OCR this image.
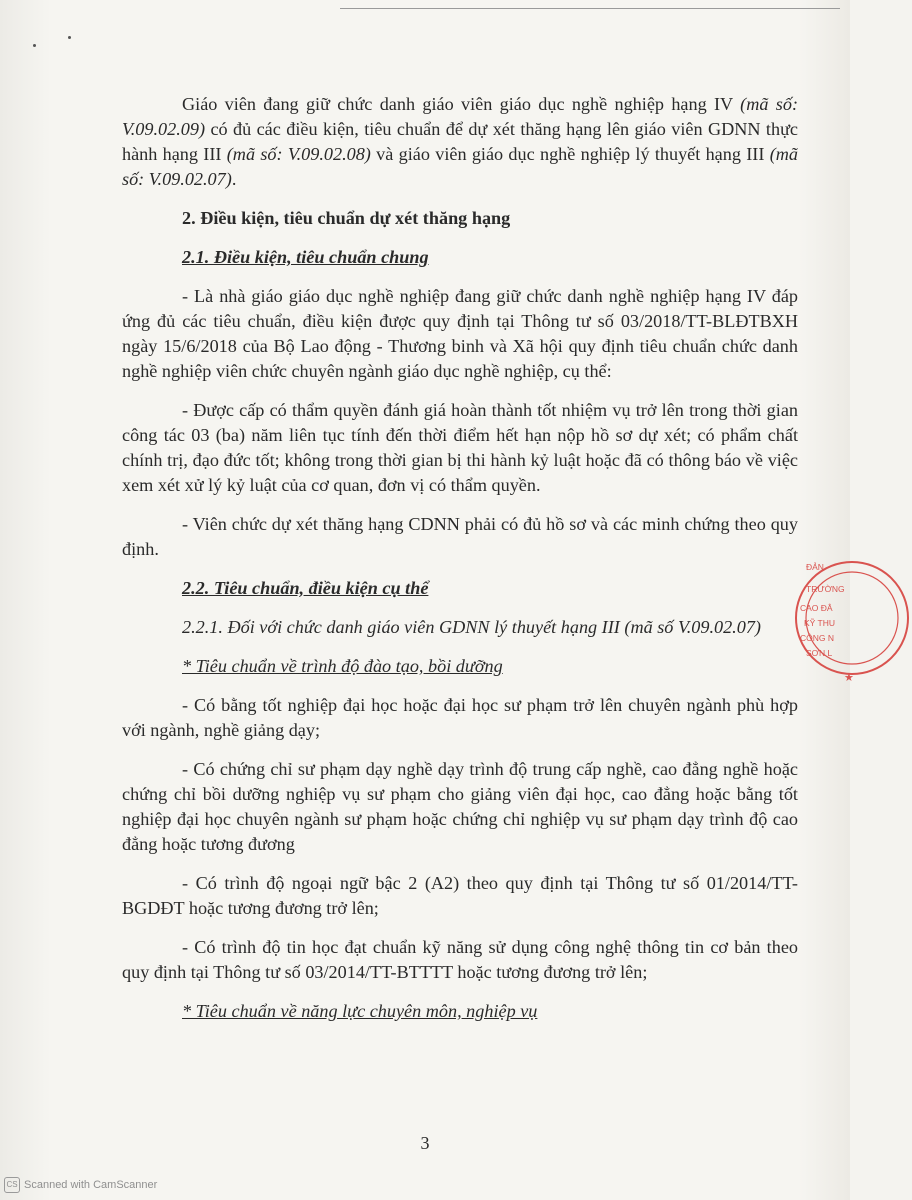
Giáo viên đang giữ chức danh giáo viên giáo dục nghề nghiệp hạng IV (mã số: V.09.02.09) có đủ các điều kiện, tiêu chuẩn để dự xét thăng hạng lên giáo viên GDNN thực hành hạng III (mã số: V.09.02.08) và giáo viên giáo dục nghề nghiệp lý thuyết hạng III (mã số: V.09.02.07).

2. Điều kiện, tiêu chuẩn dự xét thăng hạng

2.1. Điều kiện, tiêu chuẩn chung

- Là nhà giáo giáo dục nghề nghiệp đang giữ chức danh nghề nghiệp hạng IV đáp ứng đủ các tiêu chuẩn, điều kiện được quy định tại Thông tư số 03/2018/TT-BLĐTBXH ngày 15/6/2018 của Bộ Lao động - Thương binh và Xã hội quy định tiêu chuẩn chức danh nghề nghiệp viên chức chuyên ngành giáo dục nghề nghiệp, cụ thể:

- Được cấp có thẩm quyền đánh giá hoàn thành tốt nhiệm vụ trở lên trong thời gian công tác 03 (ba) năm liên tục tính đến thời điểm hết hạn nộp hồ sơ dự xét; có phẩm chất chính trị, đạo đức tốt; không trong thời gian bị thi hành kỷ luật hoặc đã có thông báo về việc xem xét xử lý kỷ luật của cơ quan, đơn vị có thẩm quyền.

- Viên chức dự xét thăng hạng CDNN phải có đủ hồ sơ và các minh chứng theo quy định.

2.2. Tiêu chuẩn, điều kiện cụ thể

2.2.1. Đối với chức danh giáo viên GDNN lý thuyết hạng III (mã số V.09.02.07)

* Tiêu chuẩn về trình độ đào tạo, bồi dưỡng

- Có bằng tốt nghiệp đại học hoặc đại học sư phạm trở lên chuyên ngành phù hợp với ngành, nghề giảng dạy;

- Có chứng chỉ sư phạm dạy nghề dạy trình độ trung cấp nghề, cao đẳng nghề hoặc chứng chỉ bồi dưỡng nghiệp vụ sư phạm cho giảng viên đại học, cao đẳng hoặc bằng tốt nghiệp đại học chuyên ngành sư phạm hoặc chứng chỉ nghiệp vụ sư phạm dạy trình độ cao đẳng hoặc tương đương

- Có trình độ ngoại ngữ bậc 2 (A2) theo quy định tại Thông tư số 01/2014/TT-BGDĐT hoặc tương đương trở lên;

- Có trình độ tin học đạt chuẩn kỹ năng sử dụng công nghệ thông tin cơ bản theo quy định tại Thông tư số 03/2014/TT-BTTTT hoặc tương đương trở lên;

* Tiêu chuẩn về năng lực chuyên môn, nghiệp vụ

3
ĐẢN
TRƯỜNG
CAO ĐẲ
KỸ THU
CÔNG N
SƠN L
★
CS Scanned with CamScanner
